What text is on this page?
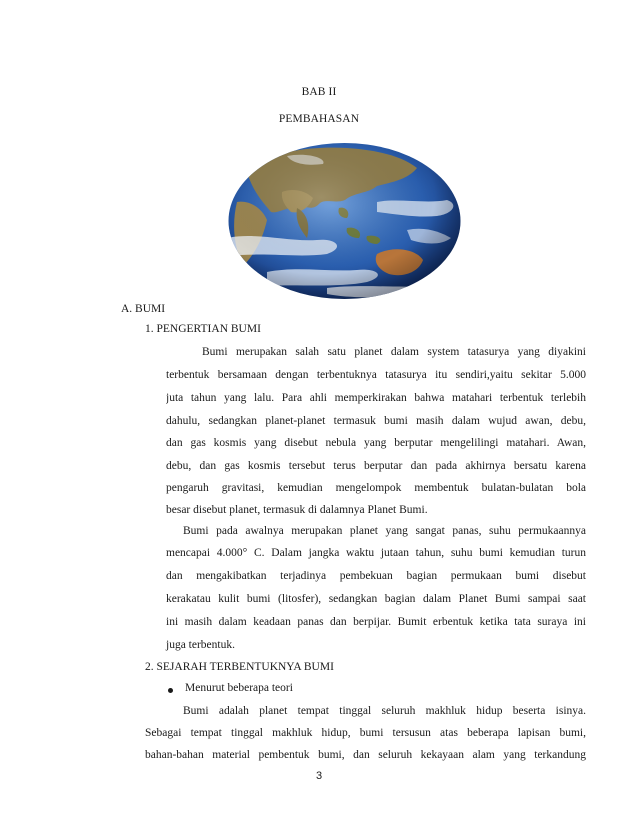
BAB II
PEMBAHASAN
A. BUMI
1. PENGERTIAN BUMI
Bumi merupakan salah satu planet dalam system tatasurya yang diyakini
terbentuk bersamaan dengan terbentuknya tatasurya itu sendiri,yaitu sekitar 5.000
juta tahun yang lalu. Para ahli memperkirakan bahwa matahari terbentuk terlebih
dahulu, sedangkan planet-planet termasuk bumi masih dalam wujud awan, debu,
dan gas kosmis yang disebut nebula yang berputar mengelilingi matahari. Awan,
debu, dan gas kosmis tersebut terus berputar dan pada akhirnya bersatu karena
pengaruh gravitasi, kemudian mengelompok membentuk bulatan-bulatan bola
besar disebut planet, termasuk di dalamnya Planet Bumi.
Bumi pada awalnya merupakan planet yang sangat panas, suhu permukaannya
mencapai 4.000° C. Dalam jangka waktu jutaan tahun, suhu bumi kemudian turun
dan mengakibatkan terjadinya pembekuan bagian permukaan bumi disebut
kerakatau kulit bumi (litosfer), sedangkan bagian dalam Planet Bumi sampai saat
ini masih dalam keadaan panas dan berpijar. Bumit erbentuk ketika tata suraya ini
juga terbentuk.
2. SEJARAH TERBENTUKNYA BUMI
Menurut beberapa teori
Bumi adalah planet tempat tinggal seluruh makhluk hidup beserta isinya.
Sebagai tempat tinggal makhluk hidup, bumi tersusun atas beberapa lapisan bumi,
bahan-bahan material pembentuk bumi, dan seluruh kekayaan alam yang terkandung
3
